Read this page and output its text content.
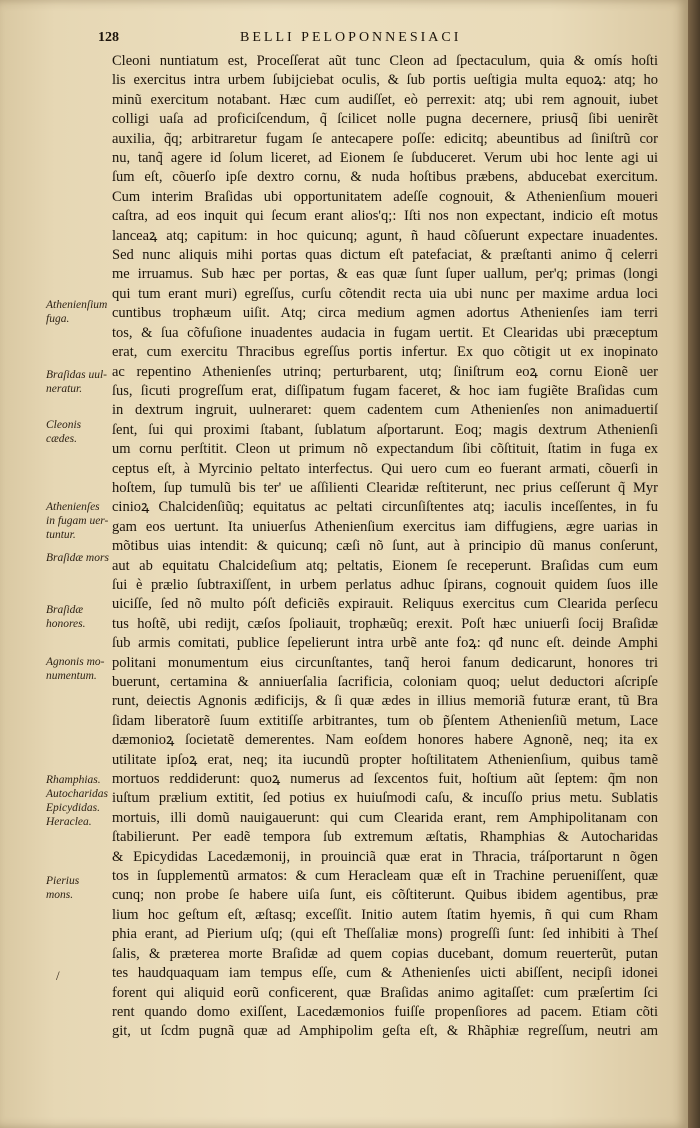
128	BELLI PELOPONNESIACI
Cleoni nuntiatum est, Proceſſerat aũt tunc Cleon ad ſpectaculum, quia & omís hoſti
lis exercitus intra urbem ſubijciebat oculis, & ſub portis ueſtigia multa equoꝝ: atq; ho
minũ exercitum notabant. Hæc cum audiſſet, eò perrexit: atq; ubi rem agnouit, iubet
colligi uaſa ad proficiſcendum, q̃ ſcilicet nolle pugna decernere, priusq̃ ſibi uenirẽt
auxilia, q̃q; arbitraretur fugam ſe antecapere poſſe: edicitq; abeuntibus ad ſiniſtrũ cor
nu, tanq̃ agere id ſolum liceret, ad Eionem ſe ſubduceret. Verum ubi hoc lente agi ui
ſum eſt, cõuerſo ipſe dextro cornu, & nuda hoſtibus præbens, abducebat exercitum.
Cum interim Braſidas ubi opportunitatem adeſſe cognouit, & Athenienſium moueri
caſtra, ad eos inquit qui ſecum erant alios'q;: Iſti nos non expectant, indicio eſt motus
lanceaꝝ atq; capitum: in hoc quicunq; agunt, ñ haud cõſuerunt expectare inuadentes.
Sed nunc aliquis mihi portas quas dictum eſt patefaciat, & præſtanti animo q̃ celerri
me irruamus. Sub hæc per portas, & eas quæ ſunt ſuper uallum, per'q; primas (longi
qui tum erant muri) egreſſus, curſu cõtendit recta uia ubi nunc per maxime ardua loci
cuntibus trophæum uiſit. Atq; circa medium agmen adortus Athenienſes iam terri
tos, & ſua cõfuſione inuadentes audacia in fugam uertit. Et Clearidas ubi præceptum
erat, cum exercitu Thracibus egreſſus portis infertur. Ex quo cõtigit ut ex inopinato
ac repentino Athenienſes utrinq; perturbarent, utq; ſiniſtrum eoꝝ cornu Eionẽ uer
ſus, ſicuti progreſſum erat, diſſipatum fugam faceret, & hoc iam fugiẽte Braſidas cum
in dextrum ingruit, uulneraret: quem cadentem cum Athenienſes non animaduertiſ
ſent, ſui qui proximi ſtabant, ſublatum aſportarunt. Eoq; magis dextrum Athenienſi
um cornu perſtitit. Cleon ut primum nõ expectandum ſibi cõſtituit, ſtatim in fuga ex
ceptus eſt, à Myrcinio peltato interfectus. Qui uero cum eo fuerant armati, cõuerſi in
hoſtem, ſup tumulũ bis ter' ue aſſilienti Clearidæ reſtiterunt, nec prius ceſſerunt q̃ Myr
cinioꝝ Chalcidenſiũq; equitatus ac peltati circunſiſtentes atq; iaculis inceſſentes, in fu
gam eos uertunt. Ita uniuerſus Athenienſium exercitus iam diffugiens, ægre uarias in
mõtibus uias intendit: & quicunq; cæſi nõ ſunt, aut à principio dũ manus conſerunt,
aut ab equitatu Chalcideſium atq; peltatis, Eionem ſe receperunt. Braſidas cum eum
ſui è prælio ſubtraxiſſent, in urbem perlatus adhuc ſpirans, cognouit quidem ſuos ille
uiciſſe, ſed nõ multo póſt deficiẽs expirauit. Reliquus exercitus cum Clearida perſecu
tus hoſtẽ, ubi redijt, cæſos ſpoliauit, trophæũq; erexit. Poſt hæc uniuerſi ſocij Braſidæ
ſub armis comitati, publice ſepelierunt intra urbẽ ante foꝝ: qđ nunc eſt. deinde Amphi
politani monumentum eius circunſtantes, tanq̃ heroi fanum dedicarunt, honores tri
buerunt, certamina & anniuerſalia ſacrificia, coloniam quoq; uelut deductori aſcripſe
runt, deiectis Agnonis ædificijs, & ſi quæ ædes in illius memoriã futuræ erant, tũ Bra
ſidam liberatorẽ ſuum extitiſſe arbitrantes, tum ob p̃ſentem Athenienſiũ metum, Lace
dæmonioꝝ ſocietatẽ demerentes. Nam eoſdem honores habere Agnonẽ, neq; ita ex
utilitate ipſoꝝ erat, neq; ita iucundũ propter hoſtilitatem Athenienſium, quibus tamẽ
mortuos reddiderunt: quoꝝ numerus ad ſexcentos fuit, hoſtium aũt ſeptem: q̃m non
iuſtum prælium extitit, ſed potius ex huiuſmodi caſu, & incuſſo prius metu. Sublatis
mortuis, illi domũ nauigauerunt: qui cum Clearida erant, rem Amphipolitanam con
ſtabilierunt. Per eadẽ tempora ſub extremum æſtatis, Rhamphias & Autocharidas
& Epicydidas Lacedæmonij, in prouinciã quæ erat in Thracia, tráſportarunt n õgen
tos in ſupplementũ armatos: & cum Heracleam quæ eſt in Trachine perueniſſent, quæ
cunq; non probe ſe habere uiſa ſunt, eis cõſtiterunt. Quibus ibidem agentibus, præ
lium hoc geſtum eſt, æſtasq; exceſſit. Initio autem ſtatim hyemis, ñ qui cum Rham
phia erant, ad Pierium uſq; (qui eſt Theſſaliæ mons) progreſſi ſunt: ſed inhibiti à Theſ
ſalis, & præterea morte Braſidæ ad quem copias ducebant, domum reuerterũt, putan
tes haudquaquam iam tempus eſſe, cum & Athenienſes uicti abiſſent, necipſi idonei
forent qui aliquid eorũ conficerent, quæ Braſidas animo agitaſſet: cum præſertim ſci
rent quando domo exiſſent, Lacedæmonios fuiſſe propenſiores ad pacem. Etiam cõti
git, ut ſcdm pugnã quæ ad Amphipolim geſta eſt, & Rhãphiæ regreſſum, neutri am
Athenienſium
fuga.
Braſidas uul-
neratur.
Cleonis
cædes.
Athenienſes
in fugam uer-
tuntur.
Braſidæ mors
Braſidæ
honores.
Agnonis mo-
numentum.
Rhamphias.
Autocharidas
Epicydidas.
Heraclea.
Pierius
mons.
/
